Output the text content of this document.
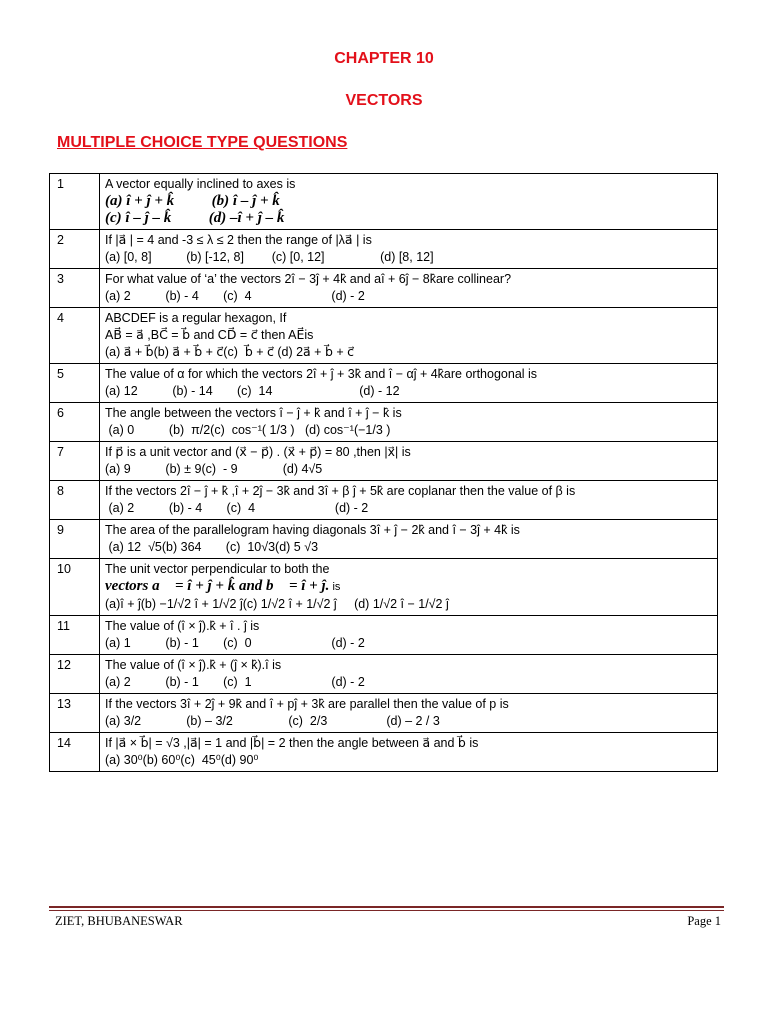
CHAPTER 10
VECTORS
MULTIPLE CHOICE TYPE QUESTIONS
1	A vector equally inclined to axes is
(a) î + ĵ + k̂          (b) î – ĵ + k̂
(c) î – ĵ – k̂          (d) –î + ĵ – k̂

2	If |a⃗ | = 4 and -3 ≤ λ ≤ 2 then the range of |λa⃗ | is
(a) [0, 8]          (b) [-12, 8]        (c) [0, 12]                (d) [8, 12]

3	For what value of ‘a’ the vectors 2î − 3ĵ + 4k̂ and aî + 6ĵ − 8k̂are collinear?
(a) 2          (b) - 4       (c)  4                       (d) - 2

4	ABCDEF is a regular hexagon, If
AB⃗ = a⃗ ,BC⃗ = b⃗ and CD⃗ = c⃗ then AE⃗is
(a) a⃗ + b⃗(b) a⃗ + b⃗ + c⃗(c)  b⃗ + c⃗ (d) 2a⃗ + b⃗ + c⃗

5	The value of α for which the vectors 2î + ĵ + 3k̂ and î − αĵ + 4k̂are orthogonal is
(a) 12          (b) - 14       (c)  14                         (d) - 12

6	The angle between the vectors î − ĵ + k̂ and î + ĵ − k̂ is
(a) 0          (b)  π/2(c)  cos⁻¹( 1/3 )   (d) cos⁻¹(−1/3 )

7	If p⃗ is a unit vector and (x⃗ − p⃗) . (x⃗ + p⃗) = 80 ,then |x⃗| is
(a) 9          (b) ± 9(c)  - 9             (d) 4√5

8	If the vectors 2î − ĵ + k̂ ,î + 2ĵ − 3k̂ and 3î + β ĵ + 5k̂ are coplanar then the value of β is
(a) 2          (b) - 4       (c)  4                       (d) - 2

9	The area of the parallelogram having diagonals 3î + ĵ − 2k̂ and î − 3ĵ + 4k̂ is
(a) 12  √5(b) 364       (c)  10√3(d) 5 √3

10	The unit vector perpendicular to both the
vectors a⃗ = î + ĵ + k̂ and b⃗ = î + ĵ. is
(a)î + ĵ(b) −1/√2 î + 1/√2 ĵ(c) 1/√2 î + 1/√2 ĵ     (d) 1/√2 î − 1/√2 ĵ

11	The value of (î × ĵ).k̂ + î . ĵ is
(a) 1          (b) - 1       (c)  0                       (d) - 2

12	The value of (î × ĵ).k̂ + (ĵ × k̂).î is
(a) 2          (b) - 1       (c)  1                       (d) - 2

13	If the vectors 3î + 2ĵ + 9k̂ and î + pĵ + 3k̂ are parallel then the value of p is
(a) 3/2             (b) – 3/2                (c)  2/3                 (d) – 2 / 3

14	If |a⃗ × b⃗| = √3 ,|a⃗| = 1 and |b⃗| = 2 then the angle between a⃗ and b⃗ is
(a) 30⁰(b) 60⁰(c)  45⁰(d) 90⁰
ZIET, BHUBANESWAR	Page 1
